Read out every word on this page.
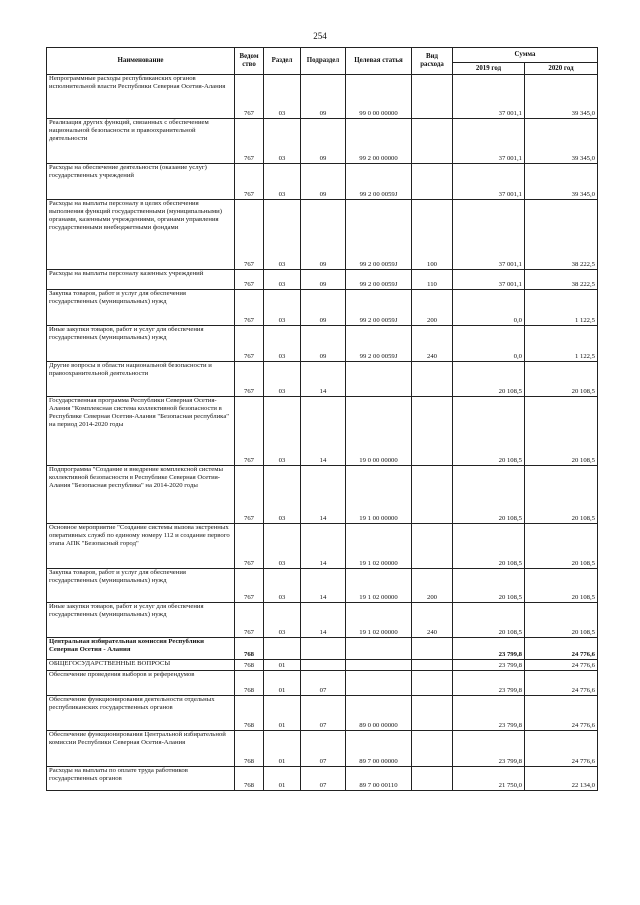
254
Наименование	Ведом ство	Раздел	Подраздел	Целевая статья	Вид расхода	Сумма	
						2019 год	2020 год
Непрограммные расходы республиканских органов исполнительной власти Республики Северная Осетия-Алания	767	03	09	99 0 00 00000		37 001,1	39 345,0
Реализация других функций, связанных с обеспечением национальной безопасности и правоохранительной деятельности	767	03	09	99 2 00 00000		37 001,1	39 345,0
Расходы на обеспечение деятельности (оказание услуг) государственных учреждений	767	03	09	99 2 00 0059Ј		37 001,1	39 345,0
Расходы на выплаты персоналу в целях обеспечения выполнения функций государственными (муниципальными) органами, казенными учреждениями, органами управления государственными внебюджетными фондами	767	03	09	99 2 00 0059Ј	100	37 001,1	38 222,5
Расходы на выплаты персоналу казенных учреждений	767	03	09	99 2 00 0059Ј	110	37 001,1	38 222,5
Закупка товаров, работ и услуг для обеспечения государственных (муниципальных) нужд	767	03	09	99 2 00 0059Ј	200	0,0	1 122,5
Иные закупки товаров, работ и услуг для обеспечения государственных (муниципальных) нужд	767	03	09	99 2 00 0059Ј	240	0,0	1 122,5
Другие вопросы в области национальной безопасности и правоохранительной деятельности	767	03	14			20 108,5	20 108,5
Государственная программа Республики Северная Осетия-Алания "Комплексная система коллективной безопасности в Республике Северная Осетия-Алания "Безопасная республика" на период 2014-2020 годы	767	03	14	19 0 00 00000		20 108,5	20 108,5
Подпрограмма "Создание и внедрение комплексной системы коллективной безопасности в Республике Северная Осетия-Алания "Безопасная республика" на 2014-2020 годы	767	03	14	19 1 00 00000		20 108,5	20 108,5
Основное мероприятие "Создание системы вызова экстренных оперативных служб по единому номеру 112 и создание первого этапа АПК "Безопасный город"	767	03	14	19 1 02 00000		20 108,5	20 108,5
Закупка товаров, работ и услуг для обеспечения государственных (муниципальных) нужд	767	03	14	19 1 02 00000	200	20 108,5	20 108,5
Иные закупки товаров, работ и услуг для обеспечения государственных (муниципальных) нужд	767	03	14	19 1 02 00000	240	20 108,5	20 108,5
Центральная избирательная комиссия Республики Северная Осетия - Алания	768					23 799,8	24 776,6
ОБЩЕГОСУДАРСТВЕННЫЕ ВОПРОСЫ	768	01				23 799,8	24 776,6
Обеспечение проведения выборов и референдумов	768	01	07			23 799,8	24 776,6
Обеспечение функционирования деятельности отдельных республиканских государственных органов	768	01	07	89 0 00 00000		23 799,8	24 776,6
Обеспечение функционирования Центральной избирательной комиссии Республики Северная Осетия-Алания	768	01	07	89 7 00 00000		23 799,8	24 776,6
Расходы на выплаты по оплате труда работников государственных органов	768	01	07	89 7 00 00110		21 750,0	22 134,0
